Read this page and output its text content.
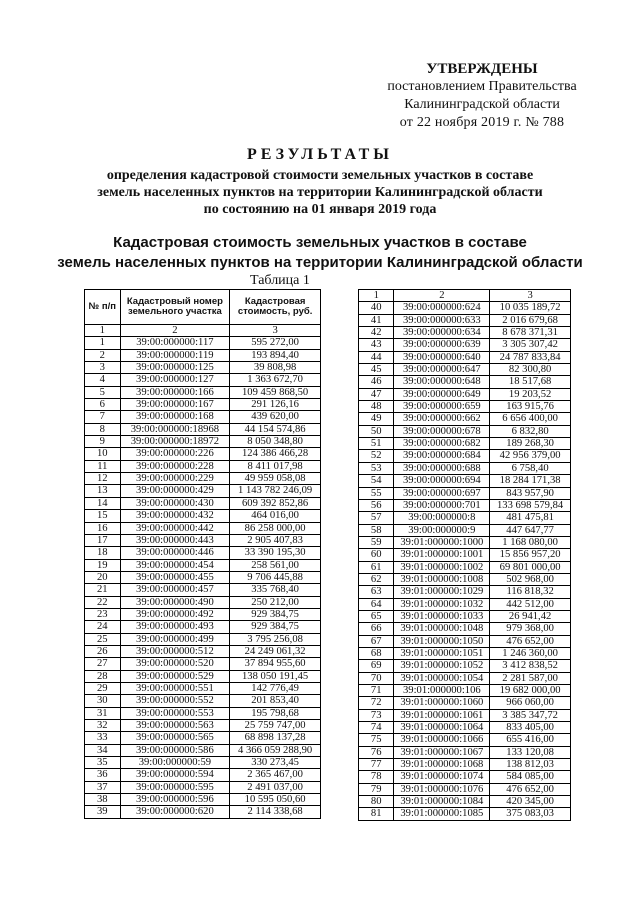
УТВЕРЖДЕНЫ
постановлением Правительства
Калининградской области
от 22 ноября 2019 г. № 788
РЕЗУЛЬТАТЫ
определения кадастровой стоимости земельных участков в составе
земель населенных пунктов на территории Калининградской области
по состоянию на 01 января 2019 года
Кадастровая стоимость земельных участков в составе
земель населенных пунктов на территории Калининградской области
Таблица 1
№ п/п	Кадастровый номер земельного участка	Кадастровая стоимость, руб.
1	2	3
1	39:00:000000:117	595 272,00
2	39:00:000000:119	193 894,40
3	39:00:000000:125	39 808,98
4	39:00:000000:127	1 363 672,70
5	39:00:000000:166	109 459 868,50
6	39:00:000000:167	291 126,16
7	39:00:000000:168	439 620,00
8	39:00:000000:18968	44 154 574,86
9	39:00:000000:18972	8 050 348,80
10	39:00:000000:226	124 386 466,28
11	39:00:000000:228	8 411 017,98
12	39:00:000000:229	49 959 058,08
13	39:00:000000:429	1 143 782 246,09
14	39:00:000000:430	609 392 852,86
15	39:00:000000:432	464 016,00
16	39:00:000000:442	86 258 000,00
17	39:00:000000:443	2 905 407,83
18	39:00:000000:446	33 390 195,30
19	39:00:000000:454	258 561,00
20	39:00:000000:455	9 706 445,88
21	39:00:000000:457	335 768,40
22	39:00:000000:490	250 212,00
23	39:00:000000:492	929 384,75
24	39:00:000000:493	929 384,75
25	39:00:000000:499	3 795 256,08
26	39:00:000000:512	24 249 061,32
27	39:00:000000:520	37 894 955,60
28	39:00:000000:529	138 050 191,45
29	39:00:000000:551	142 776,49
30	39:00:000000:552	201 853,40
31	39:00:000000:553	195 798,68
32	39:00:000000:563	25 759 747,00
33	39:00:000000:565	68 898 137,28
34	39:00:000000:586	4 366 059 288,90
35	39:00:000000:59	330 273,45
36	39:00:000000:594	2 365 467,00
37	39:00:000000:595	2 491 037,00
38	39:00:000000:596	10 595 050,60
39	39:00:000000:620	2 114 338,68
1	2	3
40	39:00:000000:624	10 035 189,72
41	39:00:000000:633	2 016 679,68
42	39:00:000000:634	8 678 371,31
43	39:00:000000:639	3 305 307,42
44	39:00:000000:640	24 787 833,84
45	39:00:000000:647	82 300,80
46	39:00:000000:648	18 517,68
47	39:00:000000:649	19 203,52
48	39:00:000000:659	163 915,76
49	39:00:000000:662	6 656 400,00
50	39:00:000000:678	6 832,80
51	39:00:000000:682	189 268,30
52	39:00:000000:684	42 956 379,00
53	39:00:000000:688	6 758,40
54	39:00:000000:694	18 284 171,38
55	39:00:000000:697	843 957,90
56	39:00:000000:701	133 698 579,84
57	39:00:000000:8	481 475,81
58	39:00:000000:9	447 647,77
59	39:01:000000:1000	1 168 080,00
60	39:01:000000:1001	15 856 957,20
61	39:01:000000:1002	69 801 000,00
62	39:01:000000:1008	502 968,00
63	39:01:000000:1029	116 818,32
64	39:01:000000:1032	442 512,00
65	39:01:000000:1033	26 941,42
66	39:01:000000:1048	979 368,00
67	39:01:000000:1050	476 652,00
68	39:01:000000:1051	1 246 360,00
69	39:01:000000:1052	3 412 838,52
70	39:01:000000:1054	2 281 587,00
71	39:01:000000:106	19 682 000,00
72	39:01:000000:1060	966 060,00
73	39:01:000000:1061	3 385 347,72
74	39:01:000000:1064	833 405,00
75	39:01:000000:1066	655 416,00
76	39:01:000000:1067	133 120,08
77	39:01:000000:1068	138 812,03
78	39:01:000000:1074	584 085,00
79	39:01:000000:1076	476 652,00
80	39:01:000000:1084	420 345,00
81	39:01:000000:1085	375 083,03
